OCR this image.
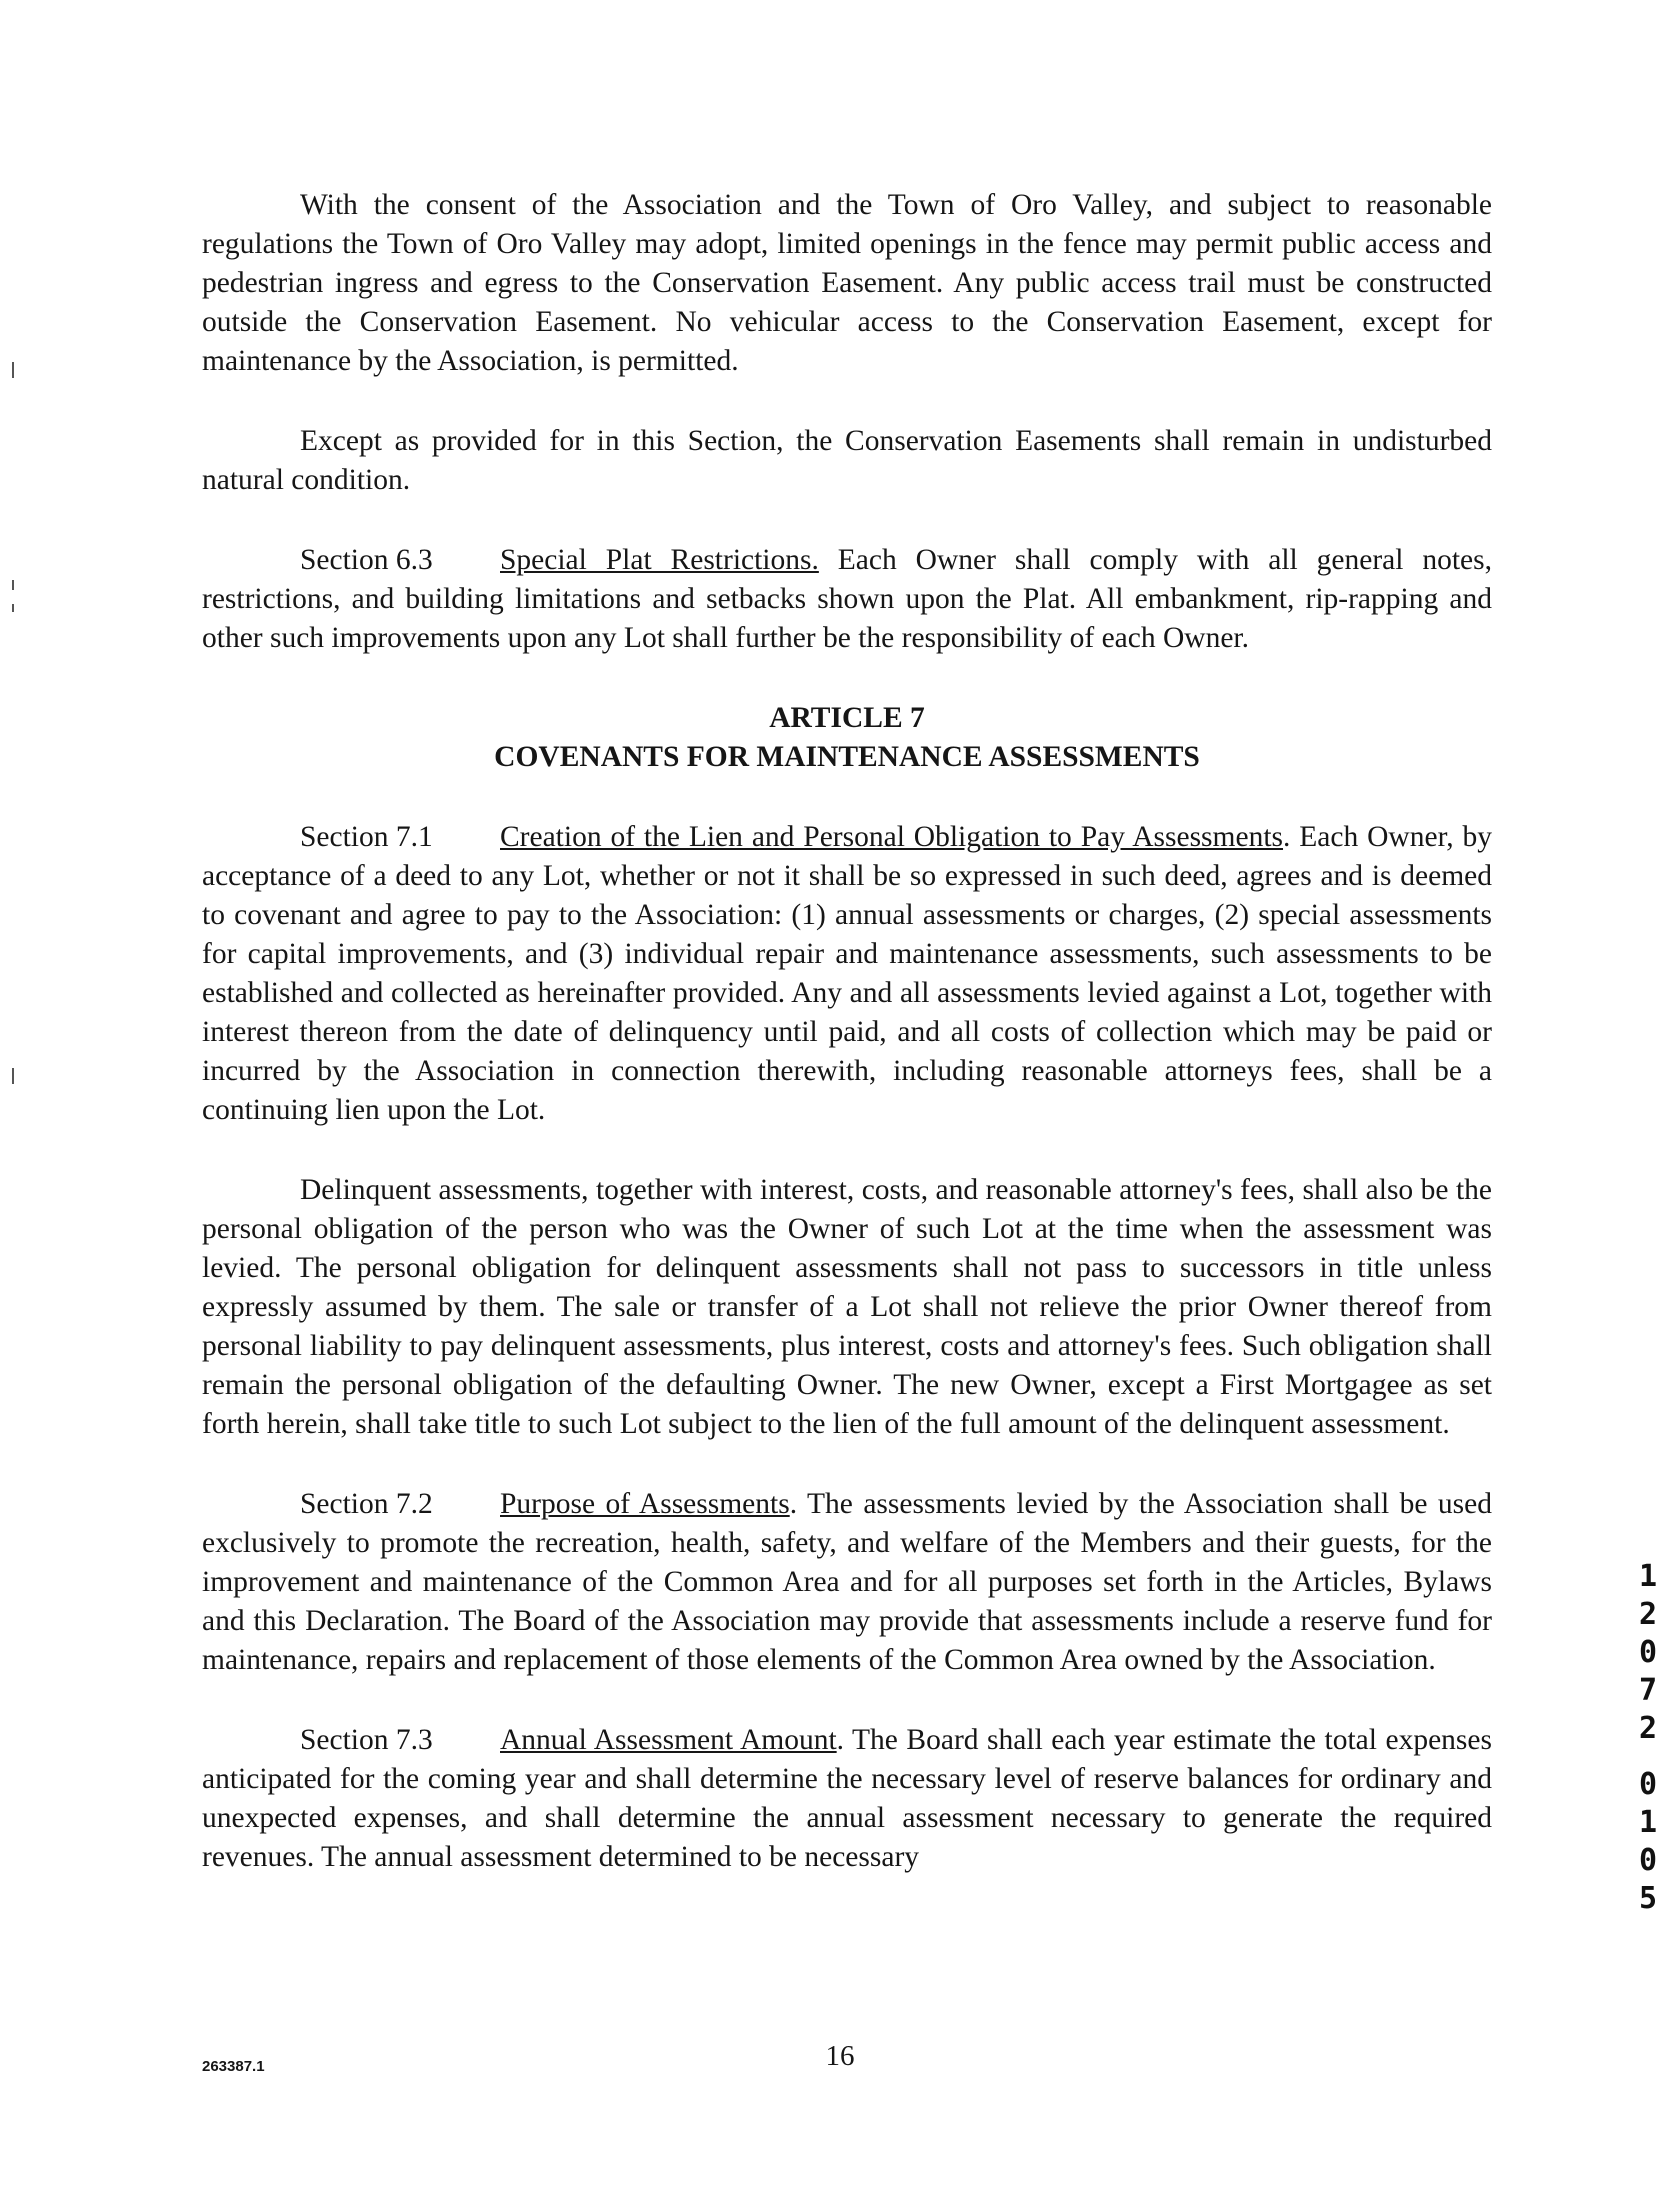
With the consent of the Association and the Town of Oro Valley, and subject to reasonable regulations the Town of Oro Valley may adopt, limited openings in the fence may permit public access and pedestrian ingress and egress to the Conservation Easement. Any public access trail must be constructed outside the Conservation Easement. No vehicular access to the Conservation Easement, except for maintenance by the Association, is permitted.

Except as provided for in this Section, the Conservation Easements shall remain in undisturbed natural condition.

Section 6.3 Special Plat Restrictions. Each Owner shall comply with all general notes, restrictions, and building limitations and setbacks shown upon the Plat. All embankment, rip-rapping and other such improvements upon any Lot shall further be the responsibility of each Owner.

ARTICLE 7
COVENANTS FOR MAINTENANCE ASSESSMENTS

Section 7.1 Creation of the Lien and Personal Obligation to Pay Assessments. Each Owner, by acceptance of a deed to any Lot, whether or not it shall be so expressed in such deed, agrees and is deemed to covenant and agree to pay to the Association: (1) annual assessments or charges, (2) special assessments for capital improvements, and (3) individual repair and maintenance assessments, such assessments to be established and collected as hereinafter provided. Any and all assessments levied against a Lot, together with interest thereon from the date of delinquency until paid, and all costs of collection which may be paid or incurred by the Association in connection therewith, including reasonable attorneys fees, shall be a continuing lien upon the Lot.

Delinquent assessments, together with interest, costs, and reasonable attorney's fees, shall also be the personal obligation of the person who was the Owner of such Lot at the time when the assessment was levied. The personal obligation for delinquent assessments shall not pass to successors in title unless expressly assumed by them. The sale or transfer of a Lot shall not relieve the prior Owner thereof from personal liability to pay delinquent assessments, plus interest, costs and attorney's fees. Such obligation shall remain the personal obligation of the defaulting Owner. The new Owner, except a First Mortgagee as set forth herein, shall take title to such Lot subject to the lien of the full amount of the delinquent assessment.

Section 7.2 Purpose of Assessments. The assessments levied by the Association shall be used exclusively to promote the recreation, health, safety, and welfare of the Members and their guests, for the improvement and maintenance of the Common Area and for all purposes set forth in the Articles, Bylaws and this Declaration. The Board of the Association may provide that assessments include a reserve fund for maintenance, repairs and replacement of those elements of the Common Area owned by the Association.

Section 7.3 Annual Assessment Amount. The Board shall each year estimate the total expenses anticipated for the coming year and shall determine the necessary level of reserve balances for ordinary and unexpected expenses, and shall determine the annual assessment necessary to generate the required revenues. The annual assessment determined to be necessary

1
2
0
7
2
0
1
0
5
16
263387.1
